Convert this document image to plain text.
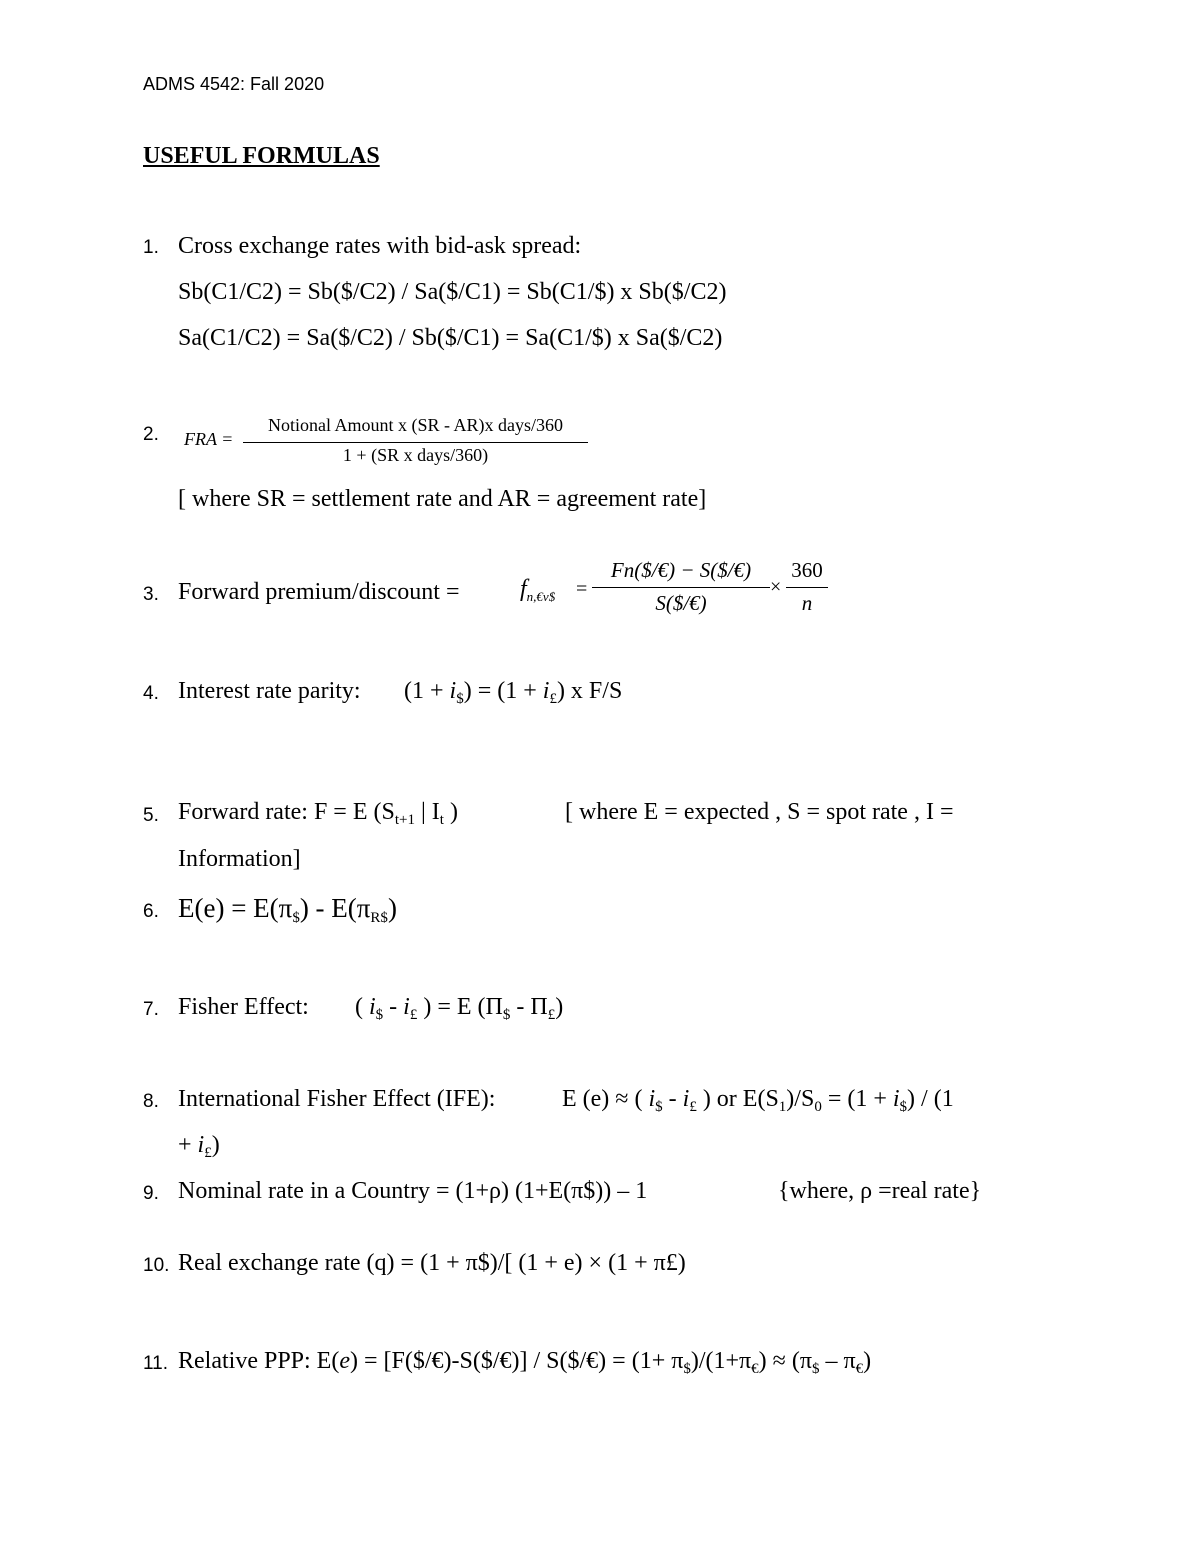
ADMS 4542: Fall 2020
USEFUL FORMULAS
1. Cross exchange rates with bid-ask spread:
Sb(C1/C2) = Sb($/C2) / Sa($/C1) = Sb(C1/$) x Sb($/C2)
Sa(C1/C2) = Sa($/C2) / Sb($/C1) = Sa(C1/$) x Sa($/C2)
2. FRA =
Notional Amount x (SR - AR)x days/360
1 + (SR x days/360)
[ where SR = settlement rate and AR = agreement rate]
3. Forward premium/discount =	$f_{n,€v\$}$ =
Fn($/€) − S($/€)
S($/€)
×
360
n
4. Interest rate parity: $(1 + i_{\$}) = (1 + i_£)$ x F/S
5. Forward rate: F = E ($S_{t+1}$ | $I_t$ )	[ where E = expected , S = spot rate , I =
Information]
6. $E(e) = E(\pi_{\$}) - E(\pi_{R\$})$
7. Fisher Effect: ( $i_{\$} - i_£$ ) = E $(\Pi_{\$} - \Pi_£)$
8. International Fisher Effect (IFE):	E (e) ≈ ( $i_{\$} - i_£$ ) or $E(S_1)/S_0 = (1 + i_{\$}) / (1$
+ $i_£$)
9. Nominal rate in a Country = (1+ρ) (1+E(π$)) – 1	{where, ρ =real rate}
10. Real exchange rate (q) = (1 + π$)/[ (1 + e) × (1 + π£)
11. Relative PPP: E(e) = [F($/€)-S($/€)] / S($/€) = $(1+ \pi_{\$})/(1+\pi_€) \approx (\pi_{\$} - \pi_€)$
